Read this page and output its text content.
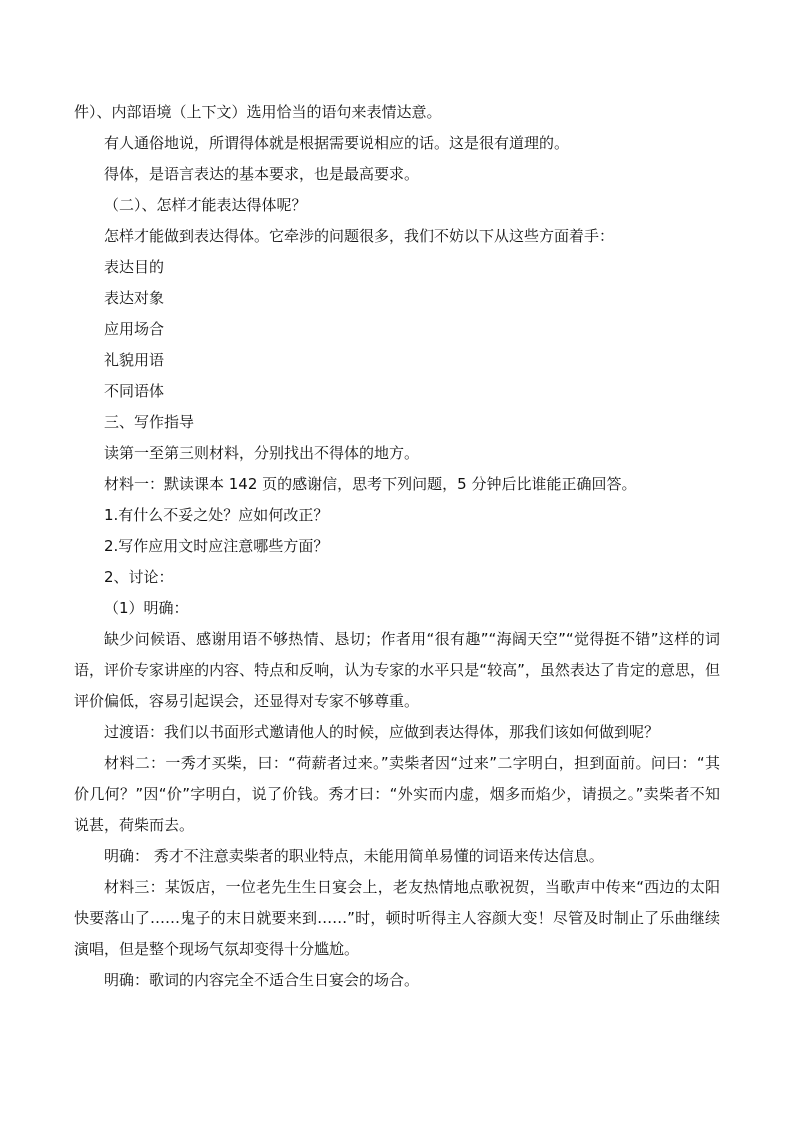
件）、内部语境（上下文）选用恰当的语句来表情达意。

有人通俗地说，所谓得体就是根据需要说相应的话。这是很有道理的。

得体，是语言表达的基本要求，也是最高要求。

（二）、怎样才能表达得体呢？

怎样才能做到表达得体。它牵涉的问题很多，我们不妨以下从这些方面着手：

表达目的

表达对象

应用场合

礼貌用语

不同语体

三、写作指导

读第一至第三则材料，分别找出不得体的地方。

材料一：默读课本 142 页的感谢信，思考下列问题，5 分钟后比谁能正确回答。

1.有什么不妥之处？应如何改正？

2.写作应用文时应注意哪些方面？

2、讨论：

（1）明确：

缺少问候语、感谢用语不够热情、恳切；作者用“很有趣”“海阔天空”“觉得挺不错”这样的词语，评价专家讲座的内容、特点和反响，认为专家的水平只是“较高”，虽然表达了肯定的意思，但评价偏低，容易引起误会，还显得对专家不够尊重。

过渡语：我们以书面形式邀请他人的时候，应做到表达得体，那我们该如何做到呢？

材料二：一秀才买柴，曰：“荷薪者过来。”卖柴者因“过来”二字明白，担到面前。问曰：“其价几何？”因“价”字明白，说了价钱。秀才曰：“外实而内虚，烟多而焰少，请损之。”卖柴者不知说甚，荷柴而去。

明确： 秀才不注意卖柴者的职业特点，未能用简单易懂的词语来传达信息。

材料三：某饭店，一位老先生生日宴会上，老友热情地点歌祝贺，当歌声中传来“西边的太阳快要落山了……鬼子的末日就要来到……”时，顿时听得主人容颜大变！尽管及时制止了乐曲继续演唱，但是整个现场气氛却变得十分尴尬。

明确：歌词的内容完全不适合生日宴会的场合。
